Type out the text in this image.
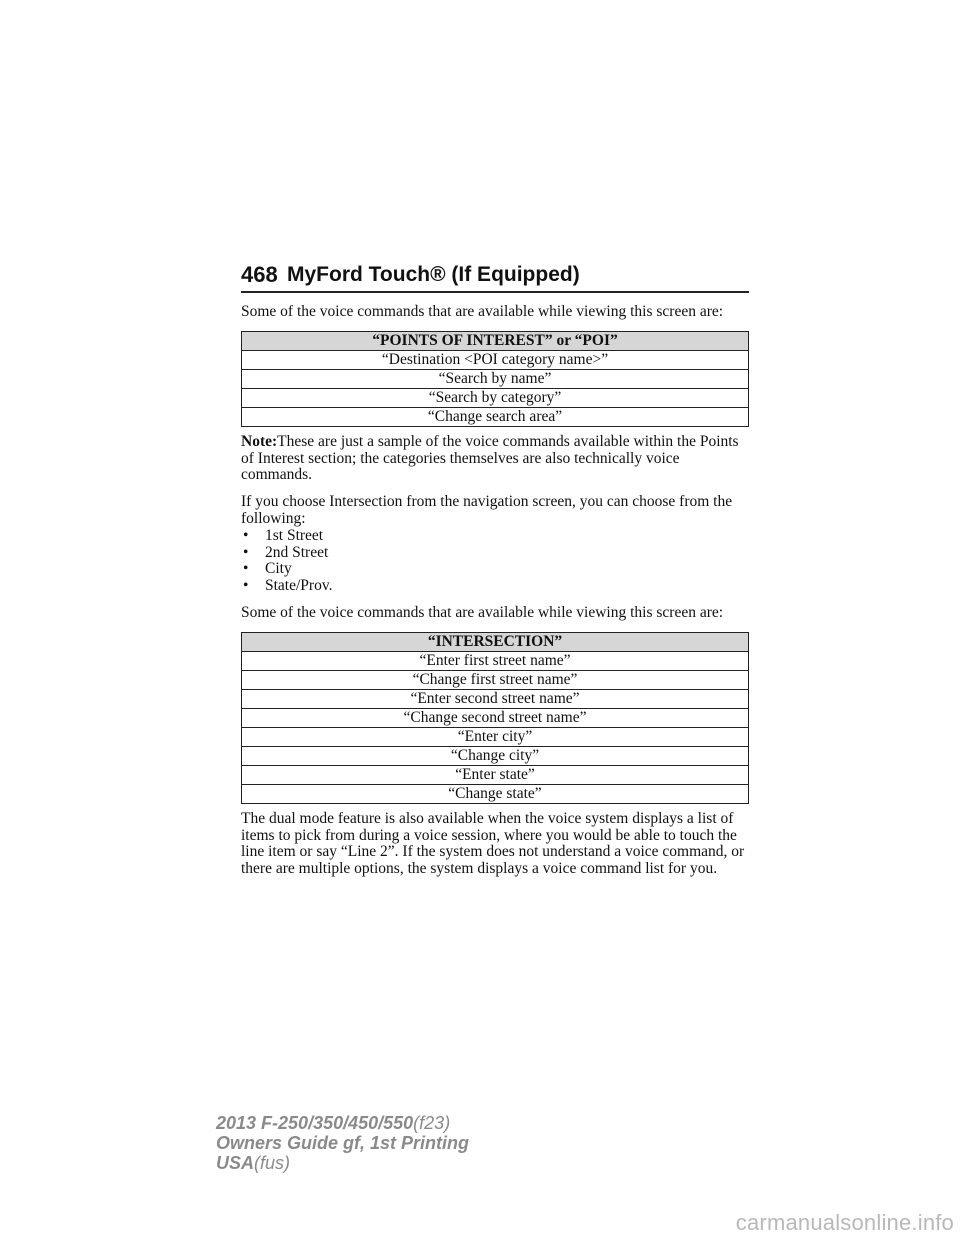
468 MyFord Touch® (If Equipped)

Some of the voice commands that are available while viewing this screen are:

“POINTS OF INTEREST” or “POI”
“Destination <POI category name>”
“Search by name”
“Search by category”
“Change search area”

Note:These are just a sample of the voice commands available within the Points of Interest section; the categories themselves are also technically voice commands.

If you choose Intersection from the navigation screen, you can choose from the following:

• 1st Street
• 2nd Street
• City
• State/Prov.

Some of the voice commands that are available while viewing this screen are:

“INTERSECTION”
“Enter first street name”
“Change first street name”
“Enter second street name”
“Change second street name”
“Enter city”
“Change city”
“Enter state”
“Change state”

The dual mode feature is also available when the voice system displays a list of items to pick from during a voice session, where you would be able to touch the line item or say “Line 2”. If the system does not understand a voice command, or there are multiple options, the system displays a voice command list for you.

2013 F-250/350/450/550(f23)
Owners Guide gf, 1st Printing
USA(fus)
carmanualsonline.info
